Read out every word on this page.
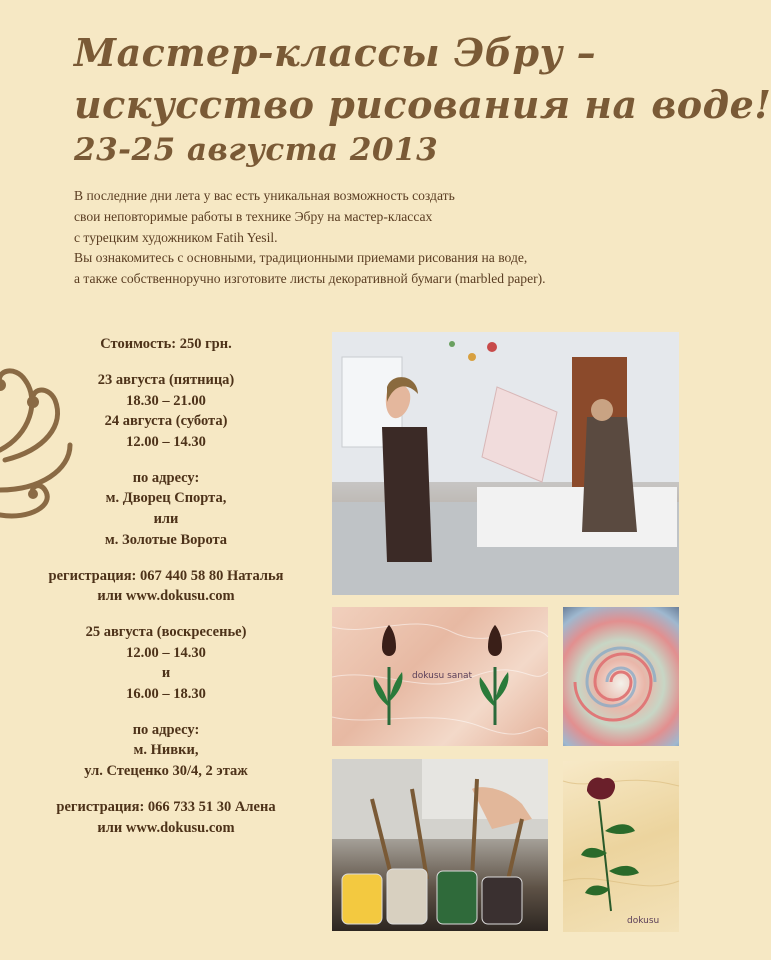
Мастер-классы Эбру –
искусство рисования на воде!
23-25 августа 2013

В последние дни лета у вас есть уникальная возможность создать

свои неповторимые работы в технике Эбру на мастер-классах

с турецким художником Fatih Yesil.

Вы ознакомитесь с основными, традиционными приемами рисования на воде,

а также собственноручно изготовите листы декоративной бумаги (marbled paper).

Стоимость: 250 грн.
23 августа (пятница)
18.30 – 21.00
24 августа (субота)
12.00 – 14.30
по адресу:
м. Дворец Спорта,
или
м. Золотые Ворота
регистрация: 067 440 58 80 Наталья
или www.dokusu.com
25 августа (воскресенье)
12.00 – 14.30
и
16.00 – 18.30
по адресу:
м. Нивки,
ул. Стеценко 30/4, 2 этаж
регистрация: 066 733 51 30 Алена
или www.dokusu.com
dokusu sanat
dokusu
